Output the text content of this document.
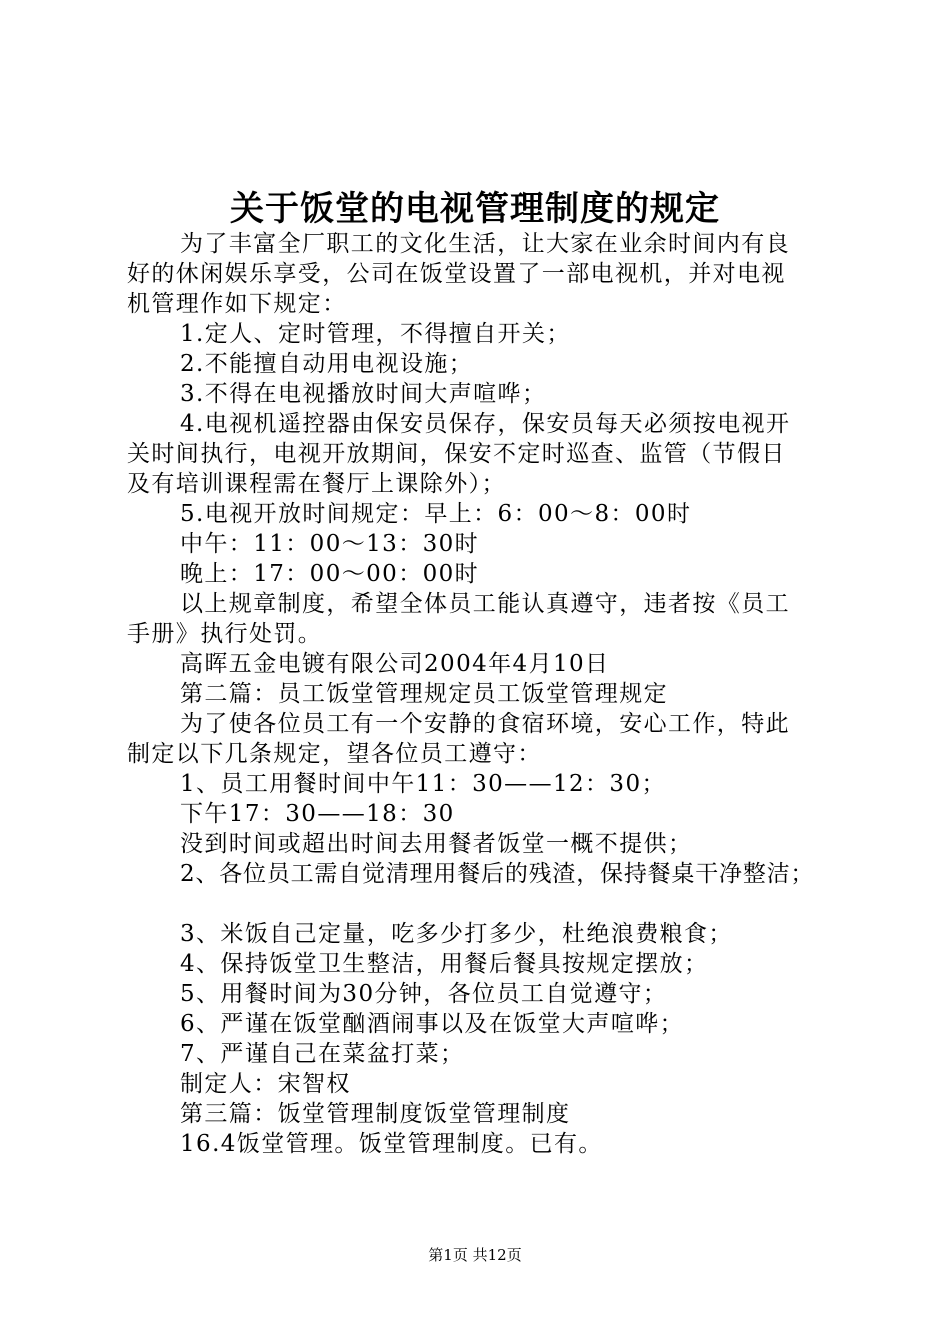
关于饭堂的电视管理制度的规定
为了丰富全厂职工的文化生活，让大家在业余时间内有良
好的休闲娱乐享受，公司在饭堂设置了一部电视机，并对电视
机管理作如下规定：
1.定人、定时管理，不得擅自开关；
2.不能擅自动用电视设施；
3.不得在电视播放时间大声喧哗；
4.电视机遥控器由保安员保存，保安员每天必须按电视开
关时间执行，电视开放期间，保安不定时巡查、监管（节假日
及有培训课程需在餐厅上课除外）；
5.电视开放时间规定：早上：6：00～8：00时
中午：11：00～13：30时
晚上：17：00～00：00时
以上规章制度，希望全体员工能认真遵守，违者按《员工
手册》执行处罚。
高晖五金电镀有限公司2004年4月10日
第二篇：员工饭堂管理规定员工饭堂管理规定
为了使各位员工有一个安静的食宿环境，安心工作，特此
制定以下几条规定，望各位员工遵守：
1、员工用餐时间中午11：30——12：30；
下午17：30——18：30
没到时间或超出时间去用餐者饭堂一概不提供；
2、各位员工需自觉清理用餐后的残渣，保持餐桌干净整洁；
3、米饭自己定量，吃多少打多少，杜绝浪费粮食；
4、保持饭堂卫生整洁，用餐后餐具按规定摆放；
5、用餐时间为30分钟，各位员工自觉遵守；
6、严谨在饭堂酗酒闹事以及在饭堂大声喧哗；
7、严谨自己在菜盆打菜；
制定人：宋智权
第三篇：饭堂管理制度饭堂管理制度
16.4饭堂管理。饭堂管理制度。已有。
第1页 共12页
